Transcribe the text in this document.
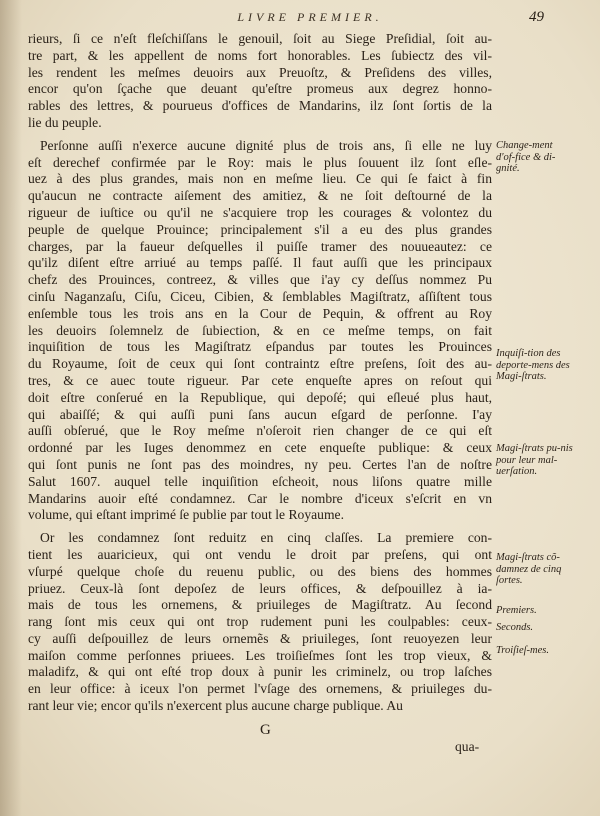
LIVRE PREMIER.	49

rieurs, ſi ce n'eſt fleſchiſſans le genouil, ſoit au Siege Preſidial, ſoit au-
tre part, & les appellent de noms fort honorables. Les ſubiectz des vil-
les rendent les meſmes deuoirs aux Preuoſtz, & Preſidens des villes,
encor qu'on ſçache que deuant qu'eſtre promeus aux degrez honno-
rables des lettres, & pourueus d'offices de Mandarins, ilz ſont ſortis de la
lie du peuple.

Perſonne auſſi n'exerce aucune dignité plus de trois ans, ſi elle ne luy
eſt derechef confirmée par le Roy: mais le plus ſouuent ilz ſont eſle-
uez à des plus grandes, mais non en meſme lieu. Ce qui ſe faict à fin
qu'aucun ne contracte aiſement des amitiez, & ne ſoit deſtourné de la
rigueur de iuſtice ou qu'il ne s'acquiere trop les courages & volontez du
peuple de quelque Prouince; principalement s'il a eu des plus grandes
charges, par la faueur deſquelles il puiſſe tramer des nouueautez: ce
qu'ilz diſent eſtre arriué au temps paſſé. Il faut auſſi que les principaux
chefz des Prouinces, contreez, & villes que i'ay cy deſſus nommez Pu
cinſu Naganzaſu, Ciſu, Ciceu, Cibien, & ſemblables Magiſtratz, aſſiſtent tous
enſemble tous les trois ans en la Cour de Pequin, & offrent au Roy
les deuoirs ſolemnelz de ſubiection, & en ce meſme temps, on fait
inquiſition de tous les Magiſtratz eſpandus par toutes les Prouinces
du Royaume, ſoit de ceux qui ſont contraintz eſtre preſens, ſoit des au-
tres, & ce auec toute rigueur. Par cete enqueſte apres on reſout qui
doit eſtre conſerué en la Republique, qui depoſé; qui eſleué plus haut,
qui abaiſſé; & qui auſſi puni ſans aucun eſgard de perſonne. I'ay
auſſi obſerué, que le Roy meſme n'oſeroit rien changer de ce qui eſt
ordonné par les Iuges denommez en cete enqueſte publique: & ceux
qui ſont punis ne ſont pas des moindres, ny peu. Certes l'an de noſtre
Salut 1607. auquel telle inquiſition eſcheoit, nous liſons quatre mille
Mandarins auoir eſté condamnez. Car le nombre d'iceux s'eſcrit en vn
volume, qui eſtant imprimé ſe publie par tout le Royaume.

Or les condamnez ſont reduitz en cinq claſſes. La premiere con-
tient les auaricieux, qui ont vendu le droit par preſens, qui ont
vſurpé quelque choſe du reuenu public, ou des biens des hommes
priuez. Ceux-là ſont depoſez de leurs offices, & deſpouillez à ia-
mais de tous les ornemens, & priuileges de Magiſtratz. Au ſecond
rang ſont mis ceux qui ont trop rudement puni les coulpables: ceux-
cy auſſi deſpouillez de leurs ornemẽs & priuileges, ſont reuoyezen leur
maiſon comme perſonnes priuees. Les troiſieſmes ſont les trop vieux, &
maladifz, & qui ont eſté trop doux à punir les criminelz, ou trop laſches
en leur office: à iceux l'on permet l'vſage des ornemens, & priuileges du-
rant leur vie; encor qu'ils n'exercent plus aucune charge publique. Au

Change-ment d'of-fice & di-gnité.
Inquiſi-tion des deporte-mens des Magi-ſtrats.
Magi-ſtrats pu-nis pour leur mal-uerſation.
Magi-ſtrats cõ-damnez de cinq ſortes.
Premiers.
Seconds.
Troiſieſ-mes.
G
qua-
